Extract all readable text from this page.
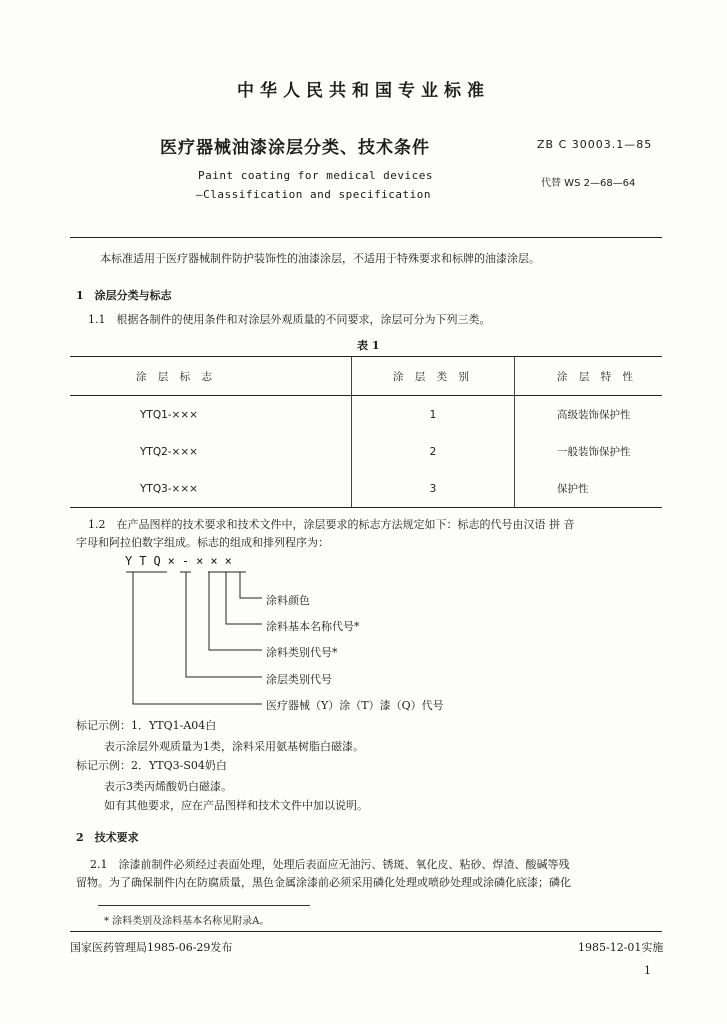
中华人民共和国专业标准
医疗器械油漆涂层分类、技术条件	ZB C 30003.1—85
Paint coating for medical devices
—Classification and specification
代替 WS 2—68—64
本标准适用于医疗器械制件防护装饰性的油漆涂层，不适用于特殊要求和标牌的油漆涂层。
1　涂层分类与标志
1.1　根据各制件的使用条件和对涂层外观质量的不同要求，涂层可分为下列三类。
表 1
涂 层 标 志	涂 层 类 别	涂 层 特 性
YTQ1-×××	1	高级装饰保护性
YTQ2-×××	2	一般装饰保护性
YTQ3-×××	3	保护性
1.2　在产品图样的技术要求和技术文件中，涂层要求的标志方法规定如下：标志的代号由汉语 拼 音
字母和阿拉伯数字组成。标志的组成和排列程序为：
YTQ×-×××
涂料颜色
涂料基本名称代号*
涂料类别代号*
涂层类别代号
医疗器械（Y）涂（T）漆（Q）代号
标记示例：1．YTQ1-A04白
表示涂层外观质量为1类，涂料采用氨基树脂白磁漆。
标记示例：2．YTQ3-S04奶白
表示3类丙烯酸奶白磁漆。
如有其他要求，应在产品图样和技术文件中加以说明。
2　技术要求
2.1　涂漆前制件必须经过表面处理，处理后表面应无油污、锈斑、氧化皮、粘砂、焊渣、酸碱等残
留物。为了确保制件内在防腐质量，黑色金属涂漆前必须采用磷化处理或喷砂处理或涂磷化底漆；磷化
* 涂料类别及涂料基本名称见附录A。
国家医药管理局1985-06-29发布	1985-12-01实施
1
